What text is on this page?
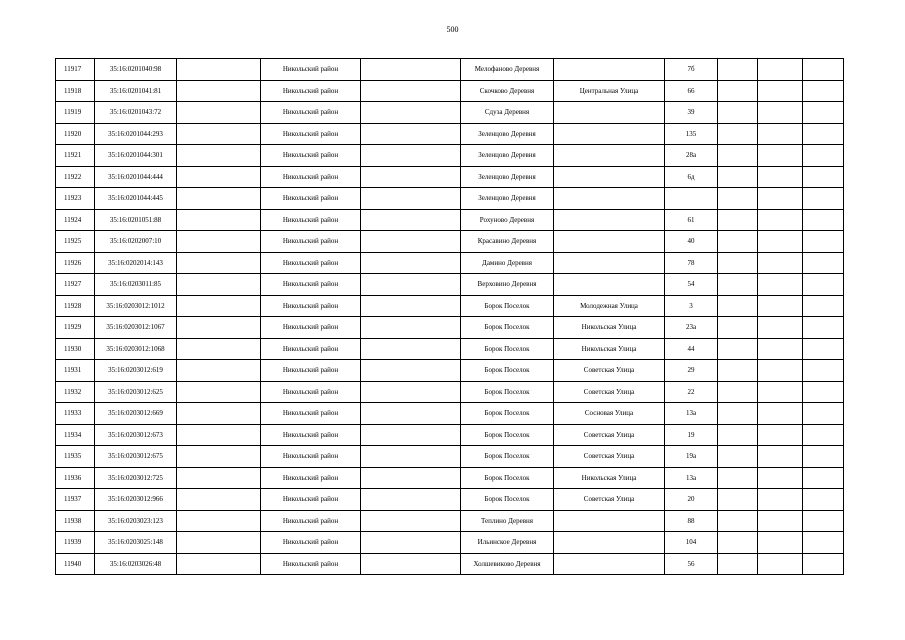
500
11917	35:16:0201040:98		Никольский район		Мелофаново Деревня		7б			
11918	35:16:0201041:81		Никольский район		Скочково Деревня	Центральная Улица	66			
11919	35:16:0201043:72		Никольский район		Сдуза Деревня		39			
11920	35:16:0201044:293		Никольский район		Зеленцово Деревня		135			
11921	35:16:0201044:301		Никольский район		Зеленцово Деревня		28а			
11922	35:16:0201044:444		Никольский район		Зеленцово Деревня		6д			
11923	35:16:0201044:445		Никольский район		Зеленцово Деревня					
11924	35:16:0201051:88		Никольский район		Рохуново Деревня		61			
11925	35:16:0202007:10		Никольский район		Красавино Деревня		40			
11926	35:16:0202014:143		Никольский район		Дамино Деревня		78			
11927	35:16:0203011:85		Никольский район		Верховино Деревня		54			
11928	35:16:0203012:1012		Никольский район		Борок Поселок	Молодежная Улица	3			
11929	35:16:0203012:1067		Никольский район		Борок Поселок	Никольская Улица	23а			
11930	35:16:0203012:1068		Никольский район		Борок Поселок	Никольская Улица	44			
11931	35:16:0203012:619		Никольский район		Борок Поселок	Советская Улица	29			
11932	35:16:0203012:625		Никольский район		Борок Поселок	Советская Улица	22			
11933	35:16:0203012:669		Никольский район		Борок Поселок	Сосновая Улица	13а			
11934	35:16:0203012:673		Никольский район		Борок Поселок	Советская Улица	19			
11935	35:16:0203012:675		Никольский район		Борок Поселок	Советская Улица	19а			
11936	35:16:0203012:725		Никольский район		Борок Поселок	Никольская Улица	13а			
11937	35:16:0203012:966		Никольский район		Борок Поселок	Советская Улица	20			
11938	35:16:0203023:123		Никольский район		Теплино Деревня		88			
11939	35:16:0203025:148		Никольский район		Ильинское Деревня		104			
11940	35:16:0203026:48		Никольский район		Холшевиково Деревня		56			
